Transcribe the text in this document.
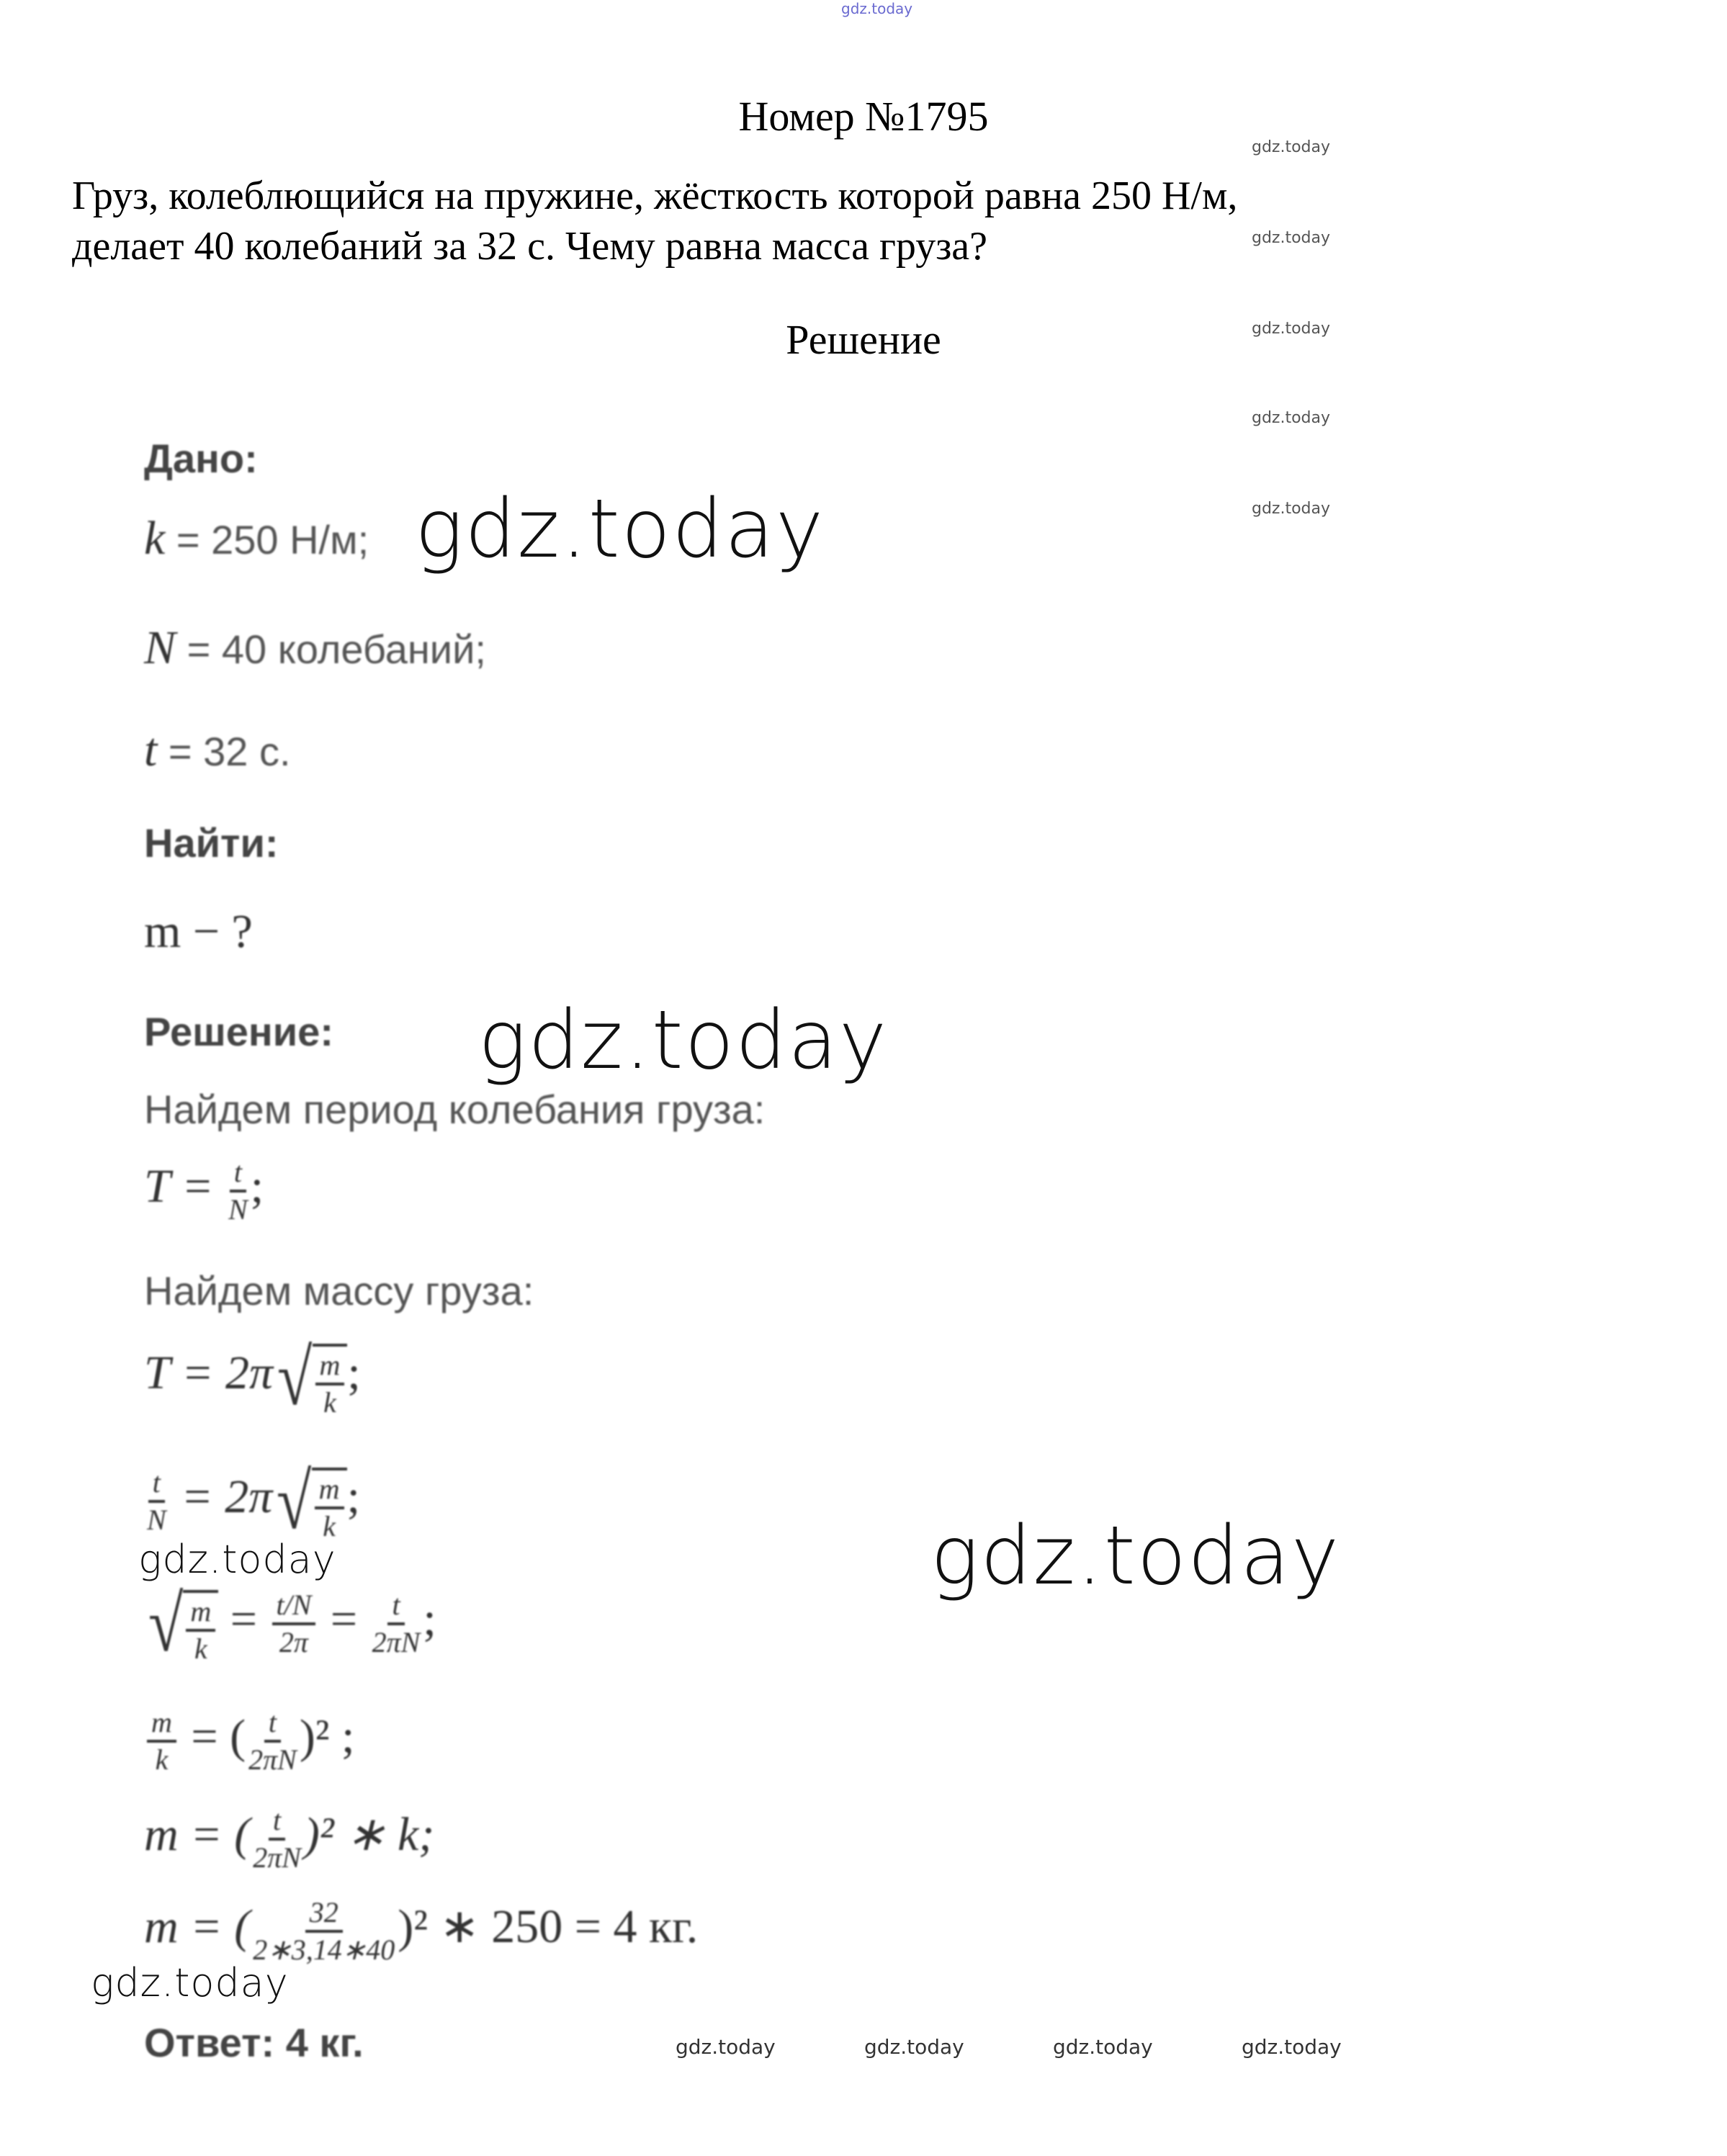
gdz.today
Номер №1795
Груз, колеблющийся на пружине, жёсткость которой равна 250 Н/м,
делает 40 колебаний за 32 с. Чему равна масса груза?
Решение
gdz.today
gdz.today
gdz.today
gdz.today
gdz.today
Дано:
k = 250 Н/м;
N = 40 колебаний;
t = 32 с.
Найти:
m − ?
Решение:
Найдем период колебания груза:
$T = \frac{t}{N}$ ;
Найдем массу груза:
T = 2π √ $\frac{m}{k}$ ;
$\frac{t}{N} = 2\pi$ √ $\frac{m}{k}$ ;
√ $\frac{m}{k} = \frac{t/N}{2\pi} = \frac{t}{2\pi N}$ ;
$\frac{m}{k}$ = ( $\frac{t}{2\pi N} )^2$ ;
m = ( $\frac{t}{2\pi N} )^2$ ∗ k;
m = ( $\frac{32}{2∗3,14∗40} )^2$ ∗ 250 = 4 кг.
Ответ: 4 кг.
gdz.today
gdz.today
gdz.today
gdz.today
gdz.today
gdz.today	gdz.today	gdz.today	gdz.today
